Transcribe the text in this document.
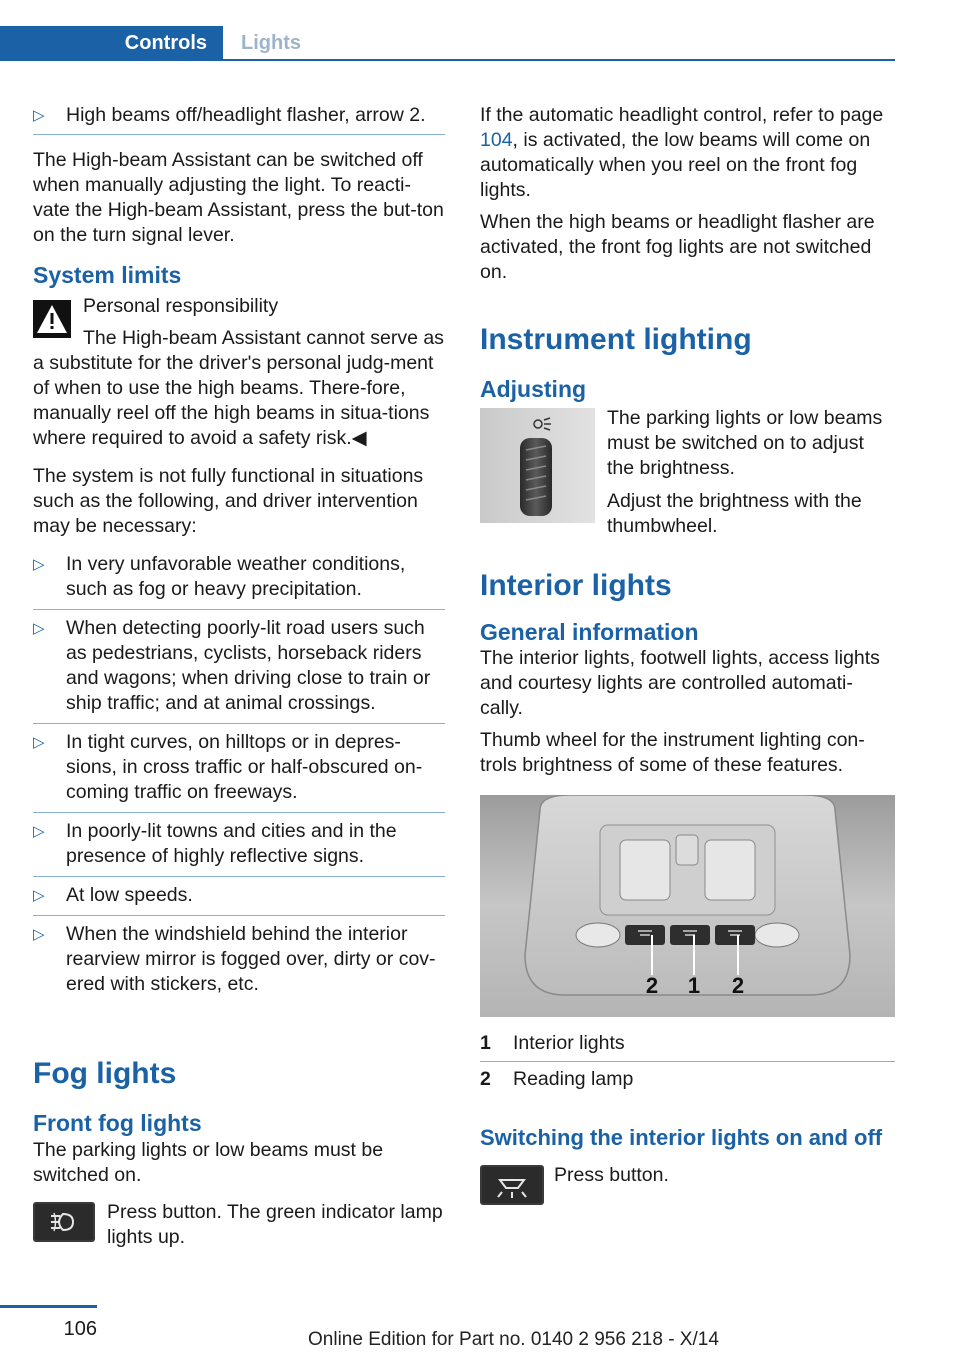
Controls	Lights
▷ High beams off/headlight flasher, arrow 2.

The High-beam Assistant can be switched off when manually adjusting the light. To reacti‐vate the High-beam Assistant, press the but‐ton on the turn signal lever.

System limits
Personal responsibility

The High-beam Assistant cannot serve as a substitute for the driver's personal judg‐ment of when to use the high beams. There‐fore, manually reel off the high beams in situa‐tions where required to avoid a safety risk.◀

The system is not fully functional in situations such as the following, and driver intervention may be necessary:

▷ In very unfavorable weather conditions, such as fog or heavy precipitation.
▷ When detecting poorly-lit road users such as pedestrians, cyclists, horseback riders and wagons; when driving close to train or ship traffic; and at animal crossings.
▷ In tight curves, on hilltops or in depres‐sions, in cross traffic or half-obscured on‐coming traffic on freeways.
▷ In poorly-lit towns and cities and in the presence of highly reflective signs.
▷ At low speeds.
▷ When the windshield behind the interior rearview mirror is fogged over, dirty or cov‐ered with stickers, etc.
Fog lights
Front fog lights

The parking lights or low beams must be switched on.

Press button. The green indicator lamp lights up.

If the automatic headlight control, refer to page 104, is activated, the low beams will come on automatically when you reel on the front fog lights.

When the high beams or headlight flasher are activated, the front fog lights are not switched on.

Instrument lighting
Adjusting

The parking lights or low beams must be switched on to adjust the brightness.

Adjust the brightness with the thumbwheel.

Interior lights
General information

The interior lights, footwell lights, access lights and courtesy lights are controlled automati‐cally.

Thumb wheel for the instrument lighting con‐trols brightness of some of these features.

2 1 2
1	Interior lights
2	Reading lamp
Switching the interior lights on and off

Press button.

106	Online Edition for Part no. 0140 2 956 218 - X/14
